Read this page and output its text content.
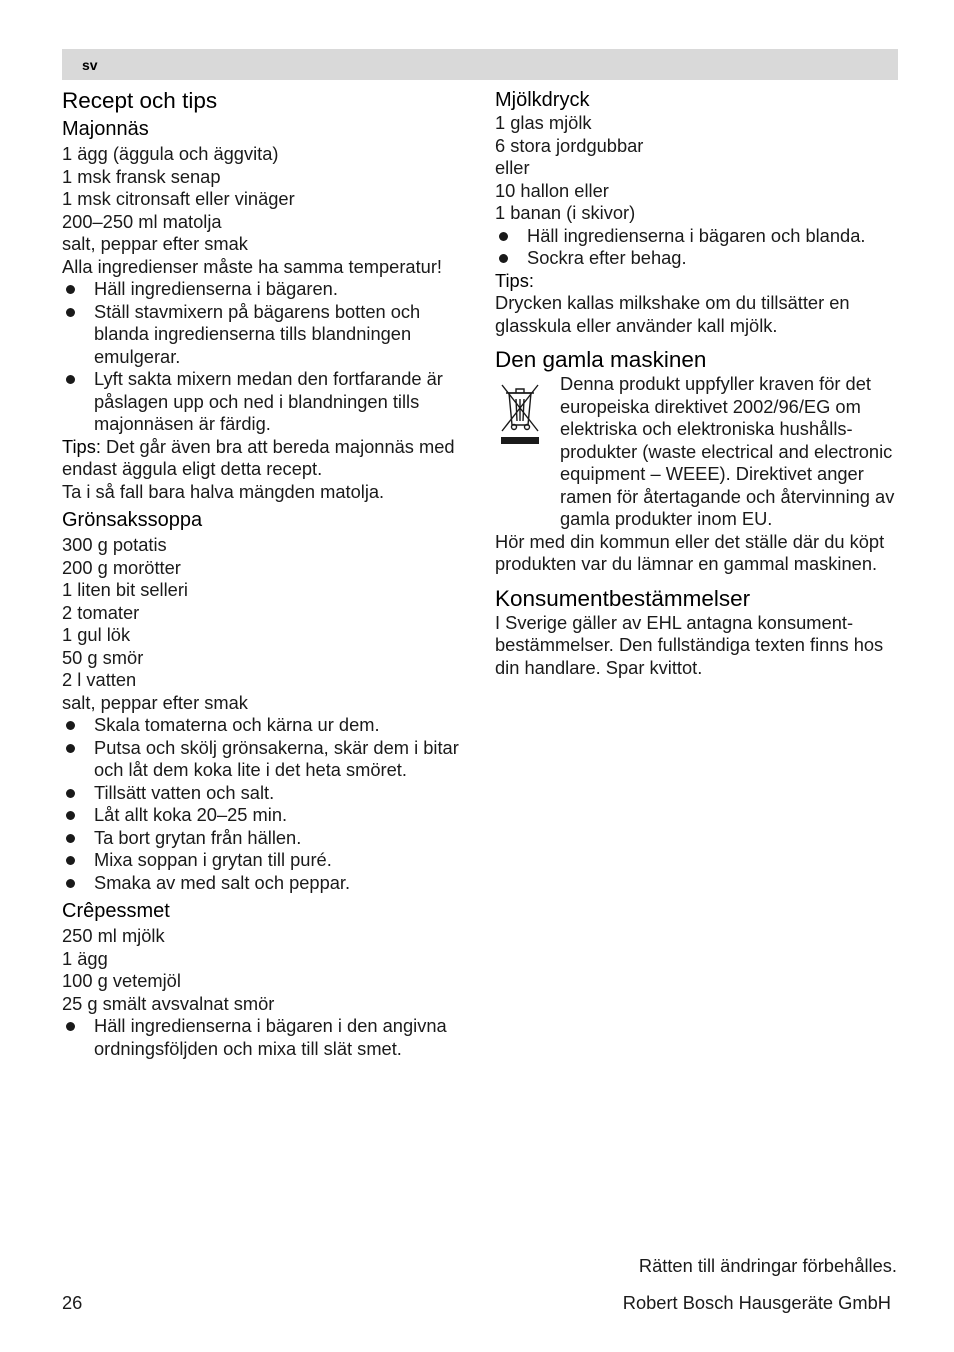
sv
Recept och tips
Majonnäs
1 ägg (äggula och äggvita)
1 msk fransk senap
1 msk citronsaft eller vinäger
200–250 ml matolja
salt, peppar efter smak
Alla ingredienser måste ha samma temperatur!
Häll ingredienserna i bägaren.
Ställ stavmixern på bägarens botten och blanda ingredienserna tills blandningen emulgerar.
Lyft sakta mixern medan den fortfarande är påslagen upp och ned i blandningen tills majonnäsen är färdig.
Tips: Det går även bra att bereda majonnäs med endast äggula eligt detta recept.
Ta i så fall bara halva mängden matolja.
Grönsakssoppa
300 g potatis
200 g morötter
1 liten bit selleri
2 tomater
1 gul lök
50 g smör
2 l vatten
salt, peppar efter smak
Skala tomaterna och kärna ur dem.
Putsa och skölj grönsakerna, skär dem i bitar och låt dem koka lite i det heta smöret.
Tillsätt vatten och salt.
Låt allt koka 20–25 min.
Ta bort grytan från hällen.
Mixa soppan i grytan till puré.
Smaka av med salt och peppar.
Crêpessmet
250 ml mjölk
1 ägg
100 g vetemjöl
25 g smält avsvalnat smör
Häll ingredienserna i bägaren i den angivna ordningsföljden och mixa till slät smet.
Mjölkdryck
1 glas mjölk
6 stora jordgubbar
eller
10 hallon eller
1 banan (i skivor)
Häll ingredienserna i bägaren och blanda.
Sockra efter behag.
Tips:
Drycken kallas milkshake om du tillsätter en glasskula eller använder kall mjölk.
Den gamla maskinen
Denna produkt uppfyller kraven för det europeiska direktivet 2002/96/EG om elektriska och elektroniska hushålls-produkter (waste electrical and electronic equipment – WEEE). Direktivet anger ramen för återtagande och återvinning av gamla produkter inom EU.
Hör med din kommun eller det ställe där du köpt produkten var du lämnar en gammal maskinen.
Konsumentbestämmelser
I Sverige gäller av EHL antagna konsument-bestämmelser. Den fullständiga texten finns hos din handlare. Spar kvittot.
Rätten till ändringar förbehålles.
26	Robert Bosch Hausgeräte GmbH
